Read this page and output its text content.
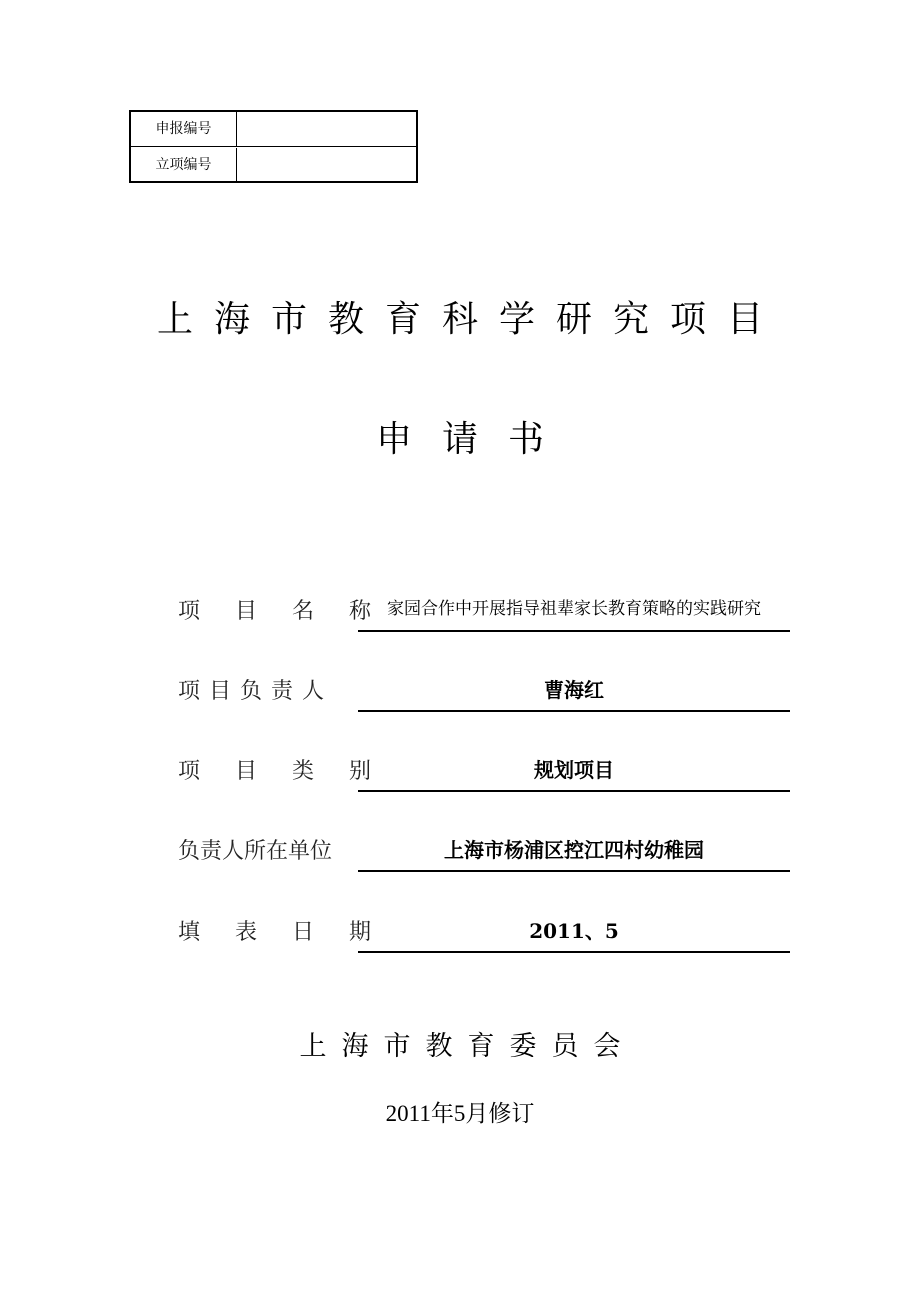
申报编号
立项编号
上海市教育科学研究项目
申请书
项 目 名 称 家园合作中开展指导祖辈家长教育策略的实践研究
项目负责人	曹海红
项 目 类 别	规划项目
负责人所在单位	上海市杨浦区控江四村幼稚园
填 表 日 期	2011、5
上海市教育委员会
2011年5月修订
